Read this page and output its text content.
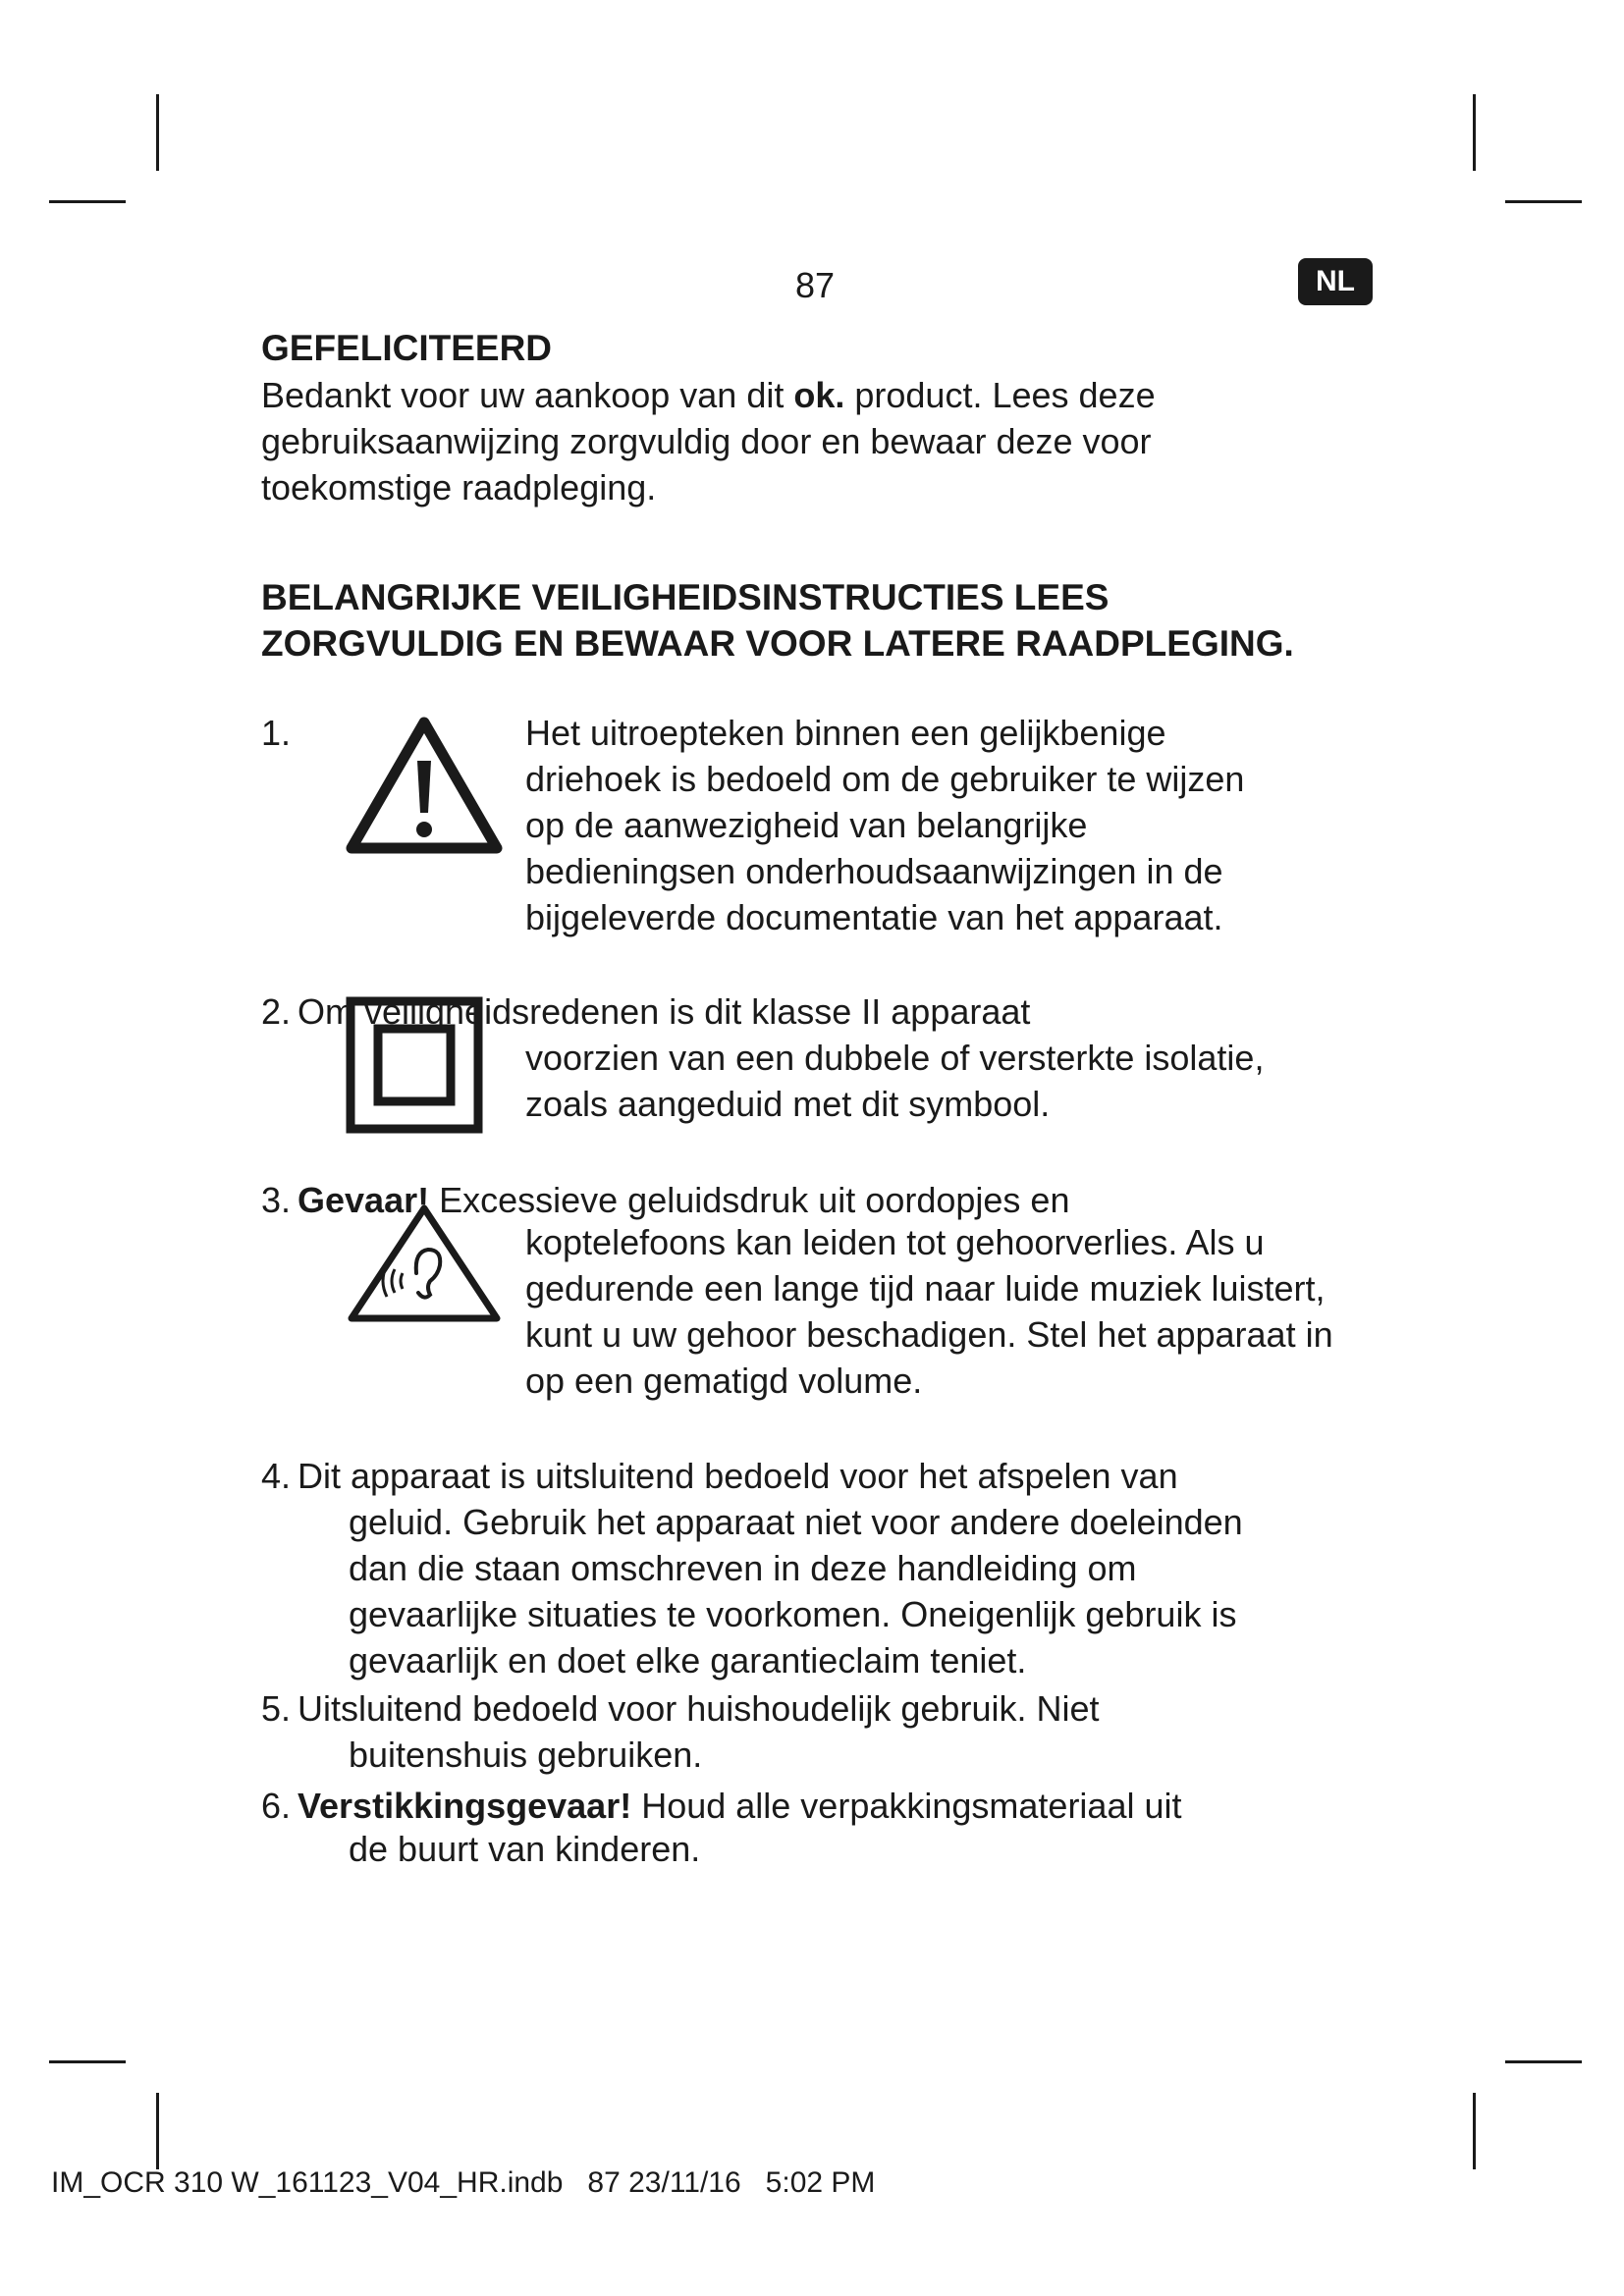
87	NL
GEFELICITEERD
Bedankt voor uw aankoop van dit ok. product. Lees deze
gebruiksaanwijzing zorgvuldig door en bewaar deze voor
toekomstige raadpleging.
BELANGRIJKE VEILIGHEIDSINSTRUCTIES LEES
ZORGVULDIG EN BEWAAR VOOR LATERE RAADPLEGING.
1.	Het uitroepteken binnen een gelijkbenige
driehoek is bedoeld om de gebruiker te wijzen
op de aanwezigheid van belangrijke
bedieningsen onderhoudsaanwijzingen in de
bijgeleverde documentatie van het apparaat.
2. Om veiligheidsredenen is dit klasse II apparaat
voorzien van een dubbele of versterkte isolatie,
zoals aangeduid met dit symbool.
3. Gevaar! Excessieve geluidsdruk uit oordopjes en
koptelefoons kan leiden tot gehoorverlies. Als u
gedurende een lange tijd naar luide muziek luistert,
kunt u uw gehoor beschadigen. Stel het apparaat in
op een gematigd volume.
4. Dit apparaat is uitsluitend bedoeld voor het afspelen van
geluid. Gebruik het apparaat niet voor andere doeleinden
dan die staan omschreven in deze handleiding om
gevaarlijke situaties te voorkomen. Oneigenlijk gebruik is
gevaarlijk en doet elke garantieclaim teniet.
5. Uitsluitend bedoeld voor huishoudelijk gebruik. Niet
buitenshuis gebruiken.
6. Verstikkingsgevaar! Houd alle verpakkingsmateriaal uit
de buurt van kinderen.
IM_OCR 310 W_161123_V04_HR.indb   87 23/11/16   5:02 PM
